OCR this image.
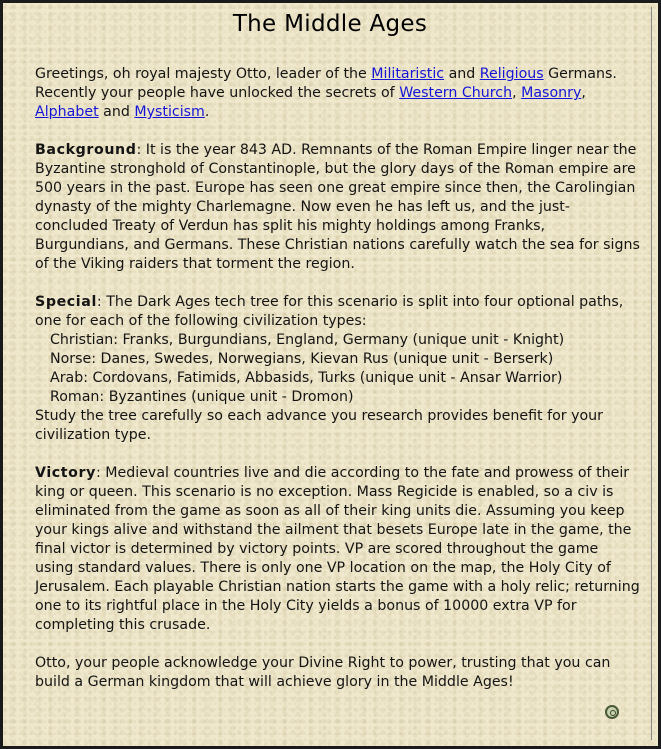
The Middle Ages

Greetings, oh royal majesty Otto, leader of the Militaristic and Religious Germans. Recently your people have unlocked the secrets of Western Church, Masonry, Alphabet and Mysticism.

Background: It is the year 843 AD. Remnants of the Roman Empire linger near the Byzantine stronghold of Constantinople, but the glory days of the Roman empire are 500 years in the past. Europe has seen one great empire since then, the Carolingian dynasty of the mighty Charlemagne. Now even he has left us, and the just-concluded Treaty of Verdun has split his mighty holdings among Franks, Burgundians, and Germans. These Christian nations carefully watch the sea for signs of the Viking raiders that torment the region.

Special: The Dark Ages tech tree for this scenario is split into four optional paths, one for each of the following civilization types:
Christian: Franks, Burgundians, England, Germany (unique unit - Knight)
Norse: Danes, Swedes, Norwegians, Kievan Rus (unique unit - Berserk)
Arab: Cordovans, Fatimids, Abbasids, Turks (unique unit - Ansar Warrior)
Roman: Byzantines (unique unit - Dromon)
Study the tree carefully so each advance you research provides benefit for your civilization type.

Victory: Medieval countries live and die according to the fate and prowess of their king or queen. This scenario is no exception. Mass Regicide is enabled, so a civ is eliminated from the game as soon as all of their king units die. Assuming you keep your kings alive and withstand the ailment that besets Europe late in the game, the final victor is determined by victory points. VP are scored throughout the game using standard values. There is only one VP location on the map, the Holy City of Jerusalem. Each playable Christian nation starts the game with a holy relic; returning one to its rightful place in the Holy City yields a bonus of 10000 extra VP for completing this crusade.

Otto, your people acknowledge your Divine Right to power, trusting that you can build a German kingdom that will achieve glory in the Middle Ages!
